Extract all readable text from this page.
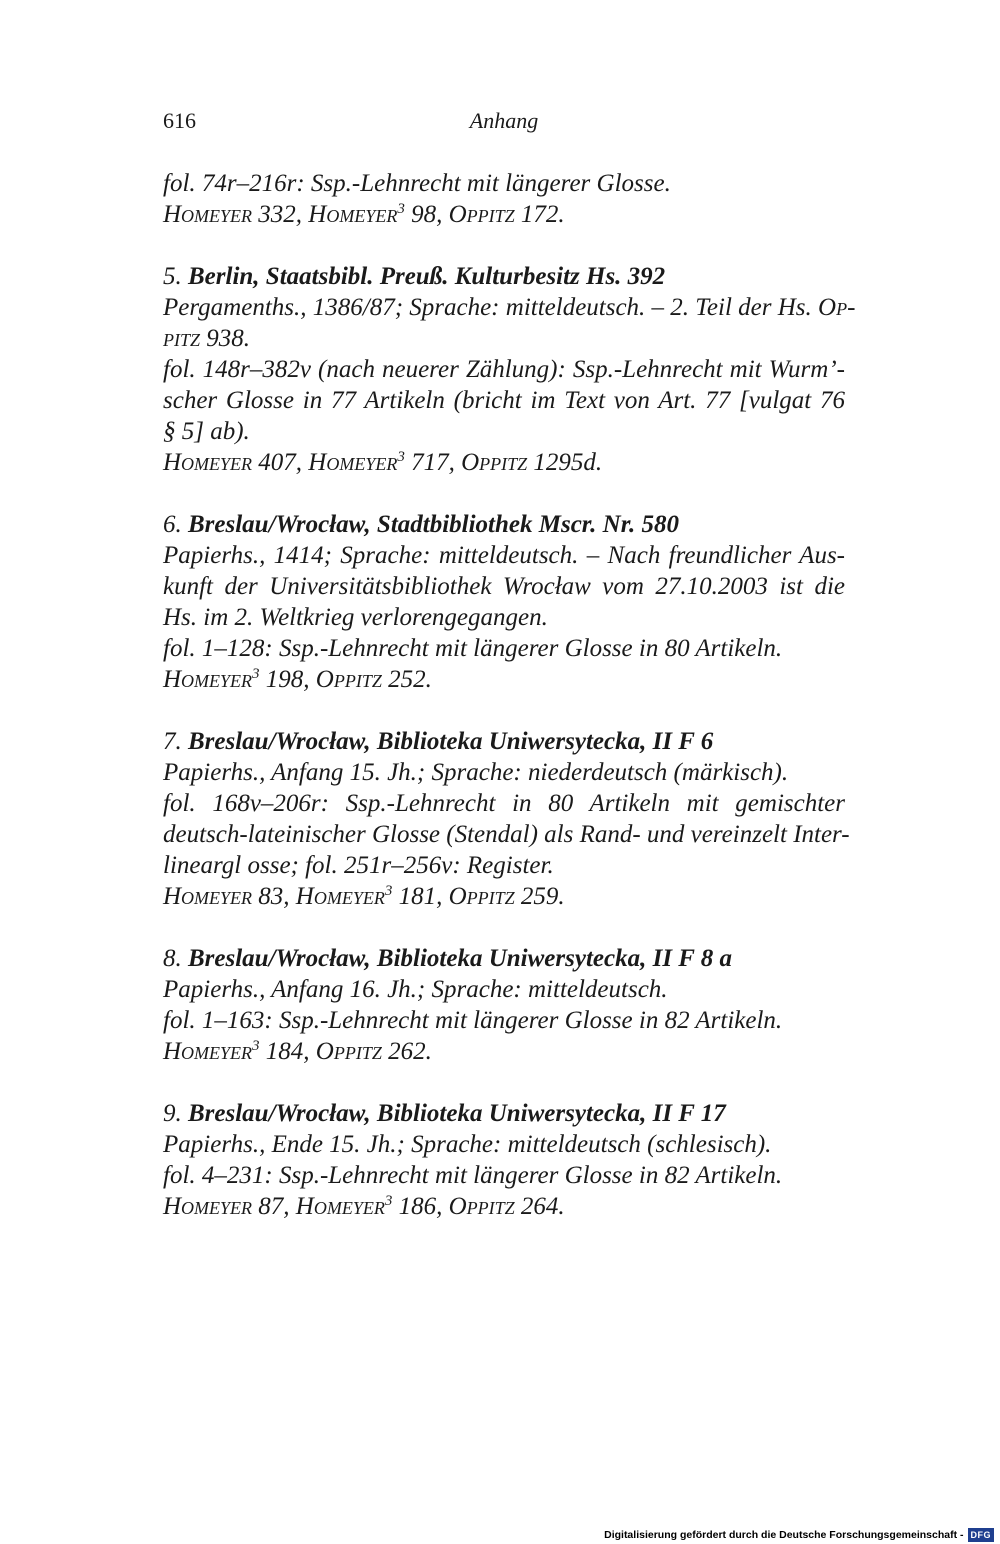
616	Anhang
fol. 74r–216r: Ssp.-Lehnrecht mit längerer Glosse.
Homeyer 332, Homeyer$^3$ 98, Oppitz 172.
5. Berlin, Staatsbibl. Preuß. Kulturbesitz Hs. 392
Pergamenths., 1386/87; Sprache: mitteldeutsch. – 2. Teil der Hs. Op-
pitz 938.
fol. 148r–382v (nach neuerer Zählung): Ssp.-Lehnrecht mit Wurm’-
scher Glosse in 77 Artikeln (bricht im Text von Art. 77 [vulgat 76
§ 5] ab).
Homeyer 407, Homeyer$^3$ 717, Oppitz 1295d.
6. Breslau/Wrocław, Stadtbibliothek Mscr. Nr. 580
Papierhs., 1414; Sprache: mitteldeutsch. – Nach freundlicher Aus-
kunft der Universitätsbibliothek Wrocław vom 27.10.2003 ist die
Hs. im 2. Weltkrieg verlorengegangen.
fol. 1–128: Ssp.-Lehnrecht mit längerer Glosse in 80 Artikeln.
Homeyer$^3$ 198, Oppitz 252.
7. Breslau/Wrocław, Biblioteka Uniwersytecka, II F 6
Papierhs., Anfang 15. Jh.; Sprache: niederdeutsch (märkisch).
fol. 168v–206r: Ssp.-Lehnrecht in 80 Artikeln mit gemischter
deutsch-lateinischer Glosse (Stendal) als Rand- und vereinzelt Inter-
lineargl osse; fol. 251r–256v: Register.
Homeyer 83, Homeyer$^3$ 181, Oppitz 259.
8. Breslau/Wrocław, Biblioteka Uniwersytecka, II F 8 a
Papierhs., Anfang 16. Jh.; Sprache: mitteldeutsch.
fol. 1–163: Ssp.-Lehnrecht mit längerer Glosse in 82 Artikeln.
Homeyer$^3$ 184, Oppitz 262.
9. Breslau/Wrocław, Biblioteka Uniwersytecka, II F 17
Papierhs., Ende 15. Jh.; Sprache: mitteldeutsch (schlesisch).
fol. 4–231: Ssp.-Lehnrecht mit längerer Glosse in 82 Artikeln.
Homeyer 87, Homeyer$^3$ 186, Oppitz 264.
Digitalisierung gefördert durch die Deutsche Forschungsgemeinschaft - DFG
